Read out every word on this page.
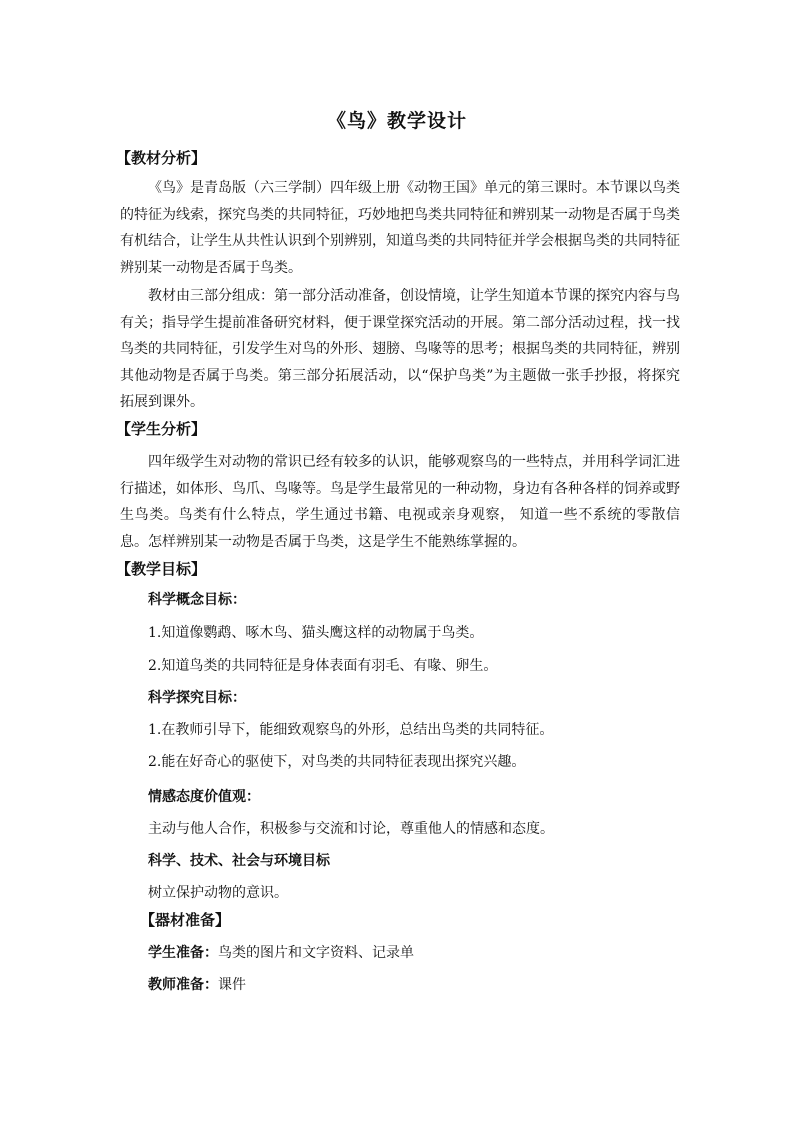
《鸟》教学设计
【教材分析】
《鸟》是青岛版（六三学制）四年级上册《动物王国》单元的第三课时。本节课以鸟类的特征为线索，探究鸟类的共同特征，巧妙地把鸟类共同特征和辨别某一动物是否属于鸟类有机结合，让学生从共性认识到个别辨别，知道鸟类的共同特征并学会根据鸟类的共同特征辨别某一动物是否属于鸟类。
教材由三部分组成：第一部分活动准备，创设情境，让学生知道本节课的探究内容与鸟有关；指导学生提前准备研究材料，便于课堂探究活动的开展。第二部分活动过程，找一找鸟类的共同特征，引发学生对鸟的外形、翅膀、鸟喙等的思考；根据鸟类的共同特征，辨别其他动物是否属于鸟类。第三部分拓展活动，以“保护鸟类”为主题做一张手抄报，将探究拓展到课外。
【学生分析】
四年级学生对动物的常识已经有较多的认识，能够观察鸟的一些特点，并用科学词汇进行描述，如体形、鸟爪、鸟喙等。鸟是学生最常见的一种动物，身边有各种各样的饲养或野生鸟类。鸟类有什么特点，学生通过书籍、电视或亲身观察， 知道一些不系统的零散信息。怎样辨别某一动物是否属于鸟类，这是学生不能熟练掌握的。
【教学目标】
科学概念目标：
1.知道像鹦鹉、啄木鸟、猫头鹰这样的动物属于鸟类。
2.知道鸟类的共同特征是身体表面有羽毛、有喙、卵生。
科学探究目标：
1.在教师引导下，能细致观察鸟的外形，总结出鸟类的共同特征。
2.能在好奇心的驱使下，对鸟类的共同特征表现出探究兴趣。
情感态度价值观：
主动与他人合作，积极参与交流和讨论，尊重他人的情感和态度。
科学、技术、社会与环境目标
树立保护动物的意识。
【器材准备】
学生准备：鸟类的图片和文字资料、记录单
教师准备：课件
